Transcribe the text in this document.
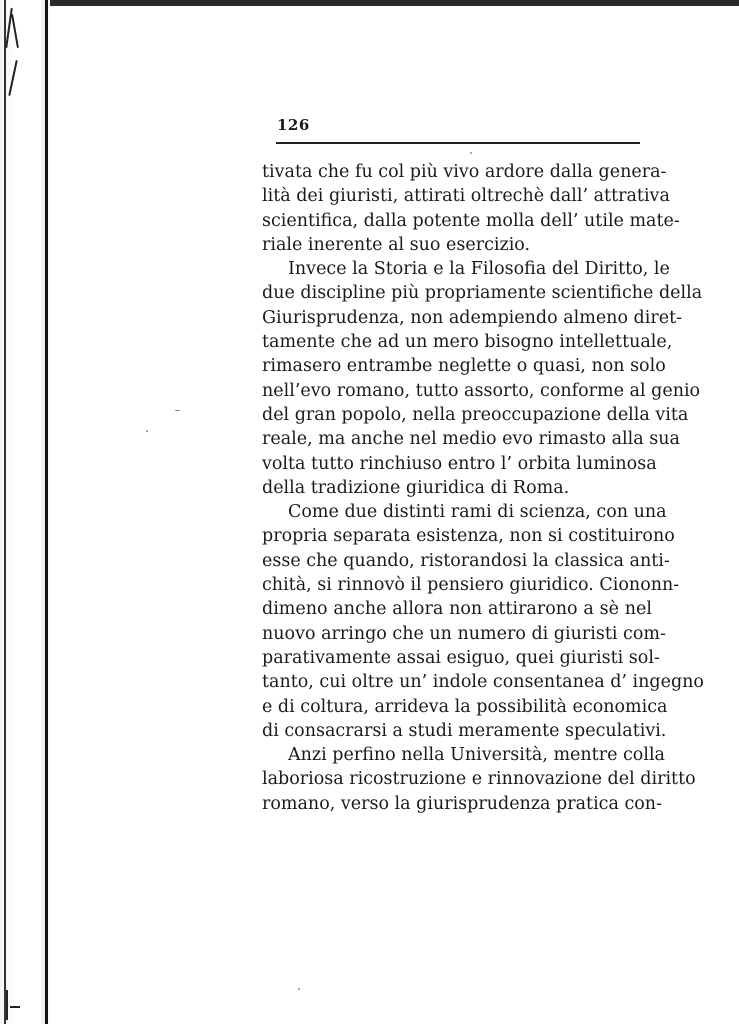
126
tivata che fu col più vivo ardore dalla genera-
lità dei giuristi, attirati oltrechè dall’ attrativa
scientifica, dalla potente molla dell’ utile mate-
riale inerente al suo esercizio.
Invece la Storia e la Filosofia del Diritto, le
due discipline più propriamente scientifiche della
Giurisprudenza, non adempiendo almeno diret-
tamente che ad un mero bisogno intellettuale,
rimasero entrambe neglette o quasi, non solo
nell’evo romano, tutto assorto, conforme al genio
del gran popolo, nella preoccupazione della vita
reale, ma anche nel medio evo rimasto alla sua
volta tutto rinchiuso entro l’ orbita luminosa
della tradizione giuridica di Roma.
Come due distinti rami di scienza, con una
propria separata esistenza, non si costituirono
esse che quando, ristorandosi la classica anti-
chità, si rinnovò il pensiero giuridico. Ciononn-
dimeno anche allora non attirarono a sè nel
nuovo arringo che un numero di giuristi com-
parativamente assai esiguo, quei giuristi sol-
tanto, cui oltre un’ indole consentanea d’ ingegno
e di coltura, arrideva la possibilità economica
di consacrarsi a studi meramente speculativi.
Anzi perfino nella Università, mentre colla
laboriosa ricostruzione e rinnovazione del diritto
romano, verso la giurisprudenza pratica con-
